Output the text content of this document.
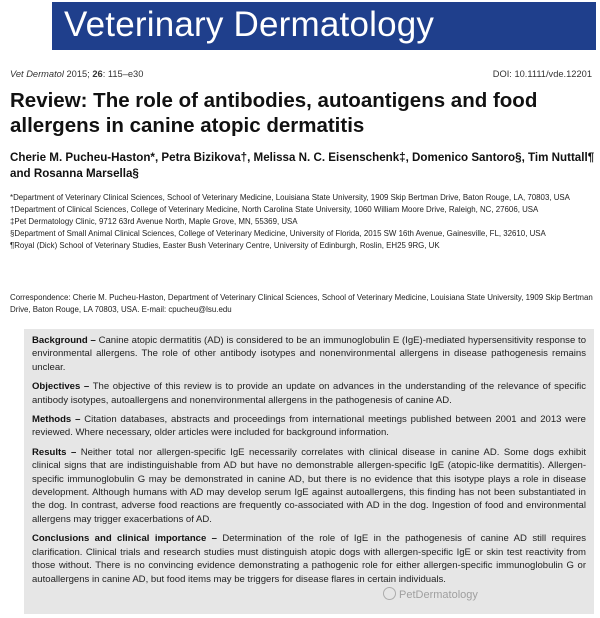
Veterinary Dermatology
Vet Dermatol 2015; 26: 115–e30	DOI: 10.1111/vde.12201
Review: The role of antibodies, autoantigens and food allergens in canine atopic dermatitis
Cherie M. Pucheu-Haston*, Petra Bizikova†, Melissa N. C. Eisenschenk‡, Domenico Santoro§, Tim Nuttall¶ and Rosanna Marsella§
*Department of Veterinary Clinical Sciences, School of Veterinary Medicine, Louisiana State University, 1909 Skip Bertman Drive, Baton Rouge, LA, 70803, USA
†Department of Clinical Sciences, College of Veterinary Medicine, North Carolina State University, 1060 William Moore Drive, Raleigh, NC, 27606, USA
‡Pet Dermatology Clinic, 9712 63rd Avenue North, Maple Grove, MN, 55369, USA
§Department of Small Animal Clinical Sciences, College of Veterinary Medicine, University of Florida, 2015 SW 16th Avenue, Gainesville, FL, 32610, USA
¶Royal (Dick) School of Veterinary Studies, Easter Bush Veterinary Centre, University of Edinburgh, Roslin, EH25 9RG, UK
Correspondence: Cherie M. Pucheu-Haston, Department of Veterinary Clinical Sciences, School of Veterinary Medicine, Louisiana State University, 1909 Skip Bertman Drive, Baton Rouge, LA 70803, USA. E-mail: cpucheu@lsu.edu

Background – Canine atopic dermatitis (AD) is considered to be an immunoglobulin E (IgE)-mediated hypersensitivity response to environmental allergens. The role of other antibody isotypes and nonenvironmental allergens in disease pathogenesis remains unclear.

Objectives – The objective of this review is to provide an update on advances in the understanding of the relevance of specific antibody isotypes, autoallergens and nonenvironmental allergens in the pathogenesis of canine AD.

Methods – Citation databases, abstracts and proceedings from international meetings published between 2001 and 2013 were reviewed. Where necessary, older articles were included for background information.

Results – Neither total nor allergen-specific IgE necessarily correlates with clinical disease in canine AD. Some dogs exhibit clinical signs that are indistinguishable from AD but have no demonstrable allergen-specific IgE (atopic-like dermatitis). Allergen-specific immunoglobulin G may be demonstrated in canine AD, but there is no evidence that this isotype plays a role in disease development. Although humans with AD may develop serum IgE against autoallergens, this finding has not been substantiated in the dog. In contrast, adverse food reactions are frequently co-associated with AD in the dog. Ingestion of food and environmental allergens may trigger exacerbations of AD.

Conclusions and clinical importance – Determination of the role of IgE in the pathogenesis of canine AD still requires clarification. Clinical trials and research studies must distinguish atopic dogs with allergen-specific IgE or skin test reactivity from those without. There is no convincing evidence demonstrating a pathogenic role for either allergen-specific immunoglobulin G or autoallergens in canine AD, but food items may be triggers for disease flares in certain individuals.

PetDermatology
